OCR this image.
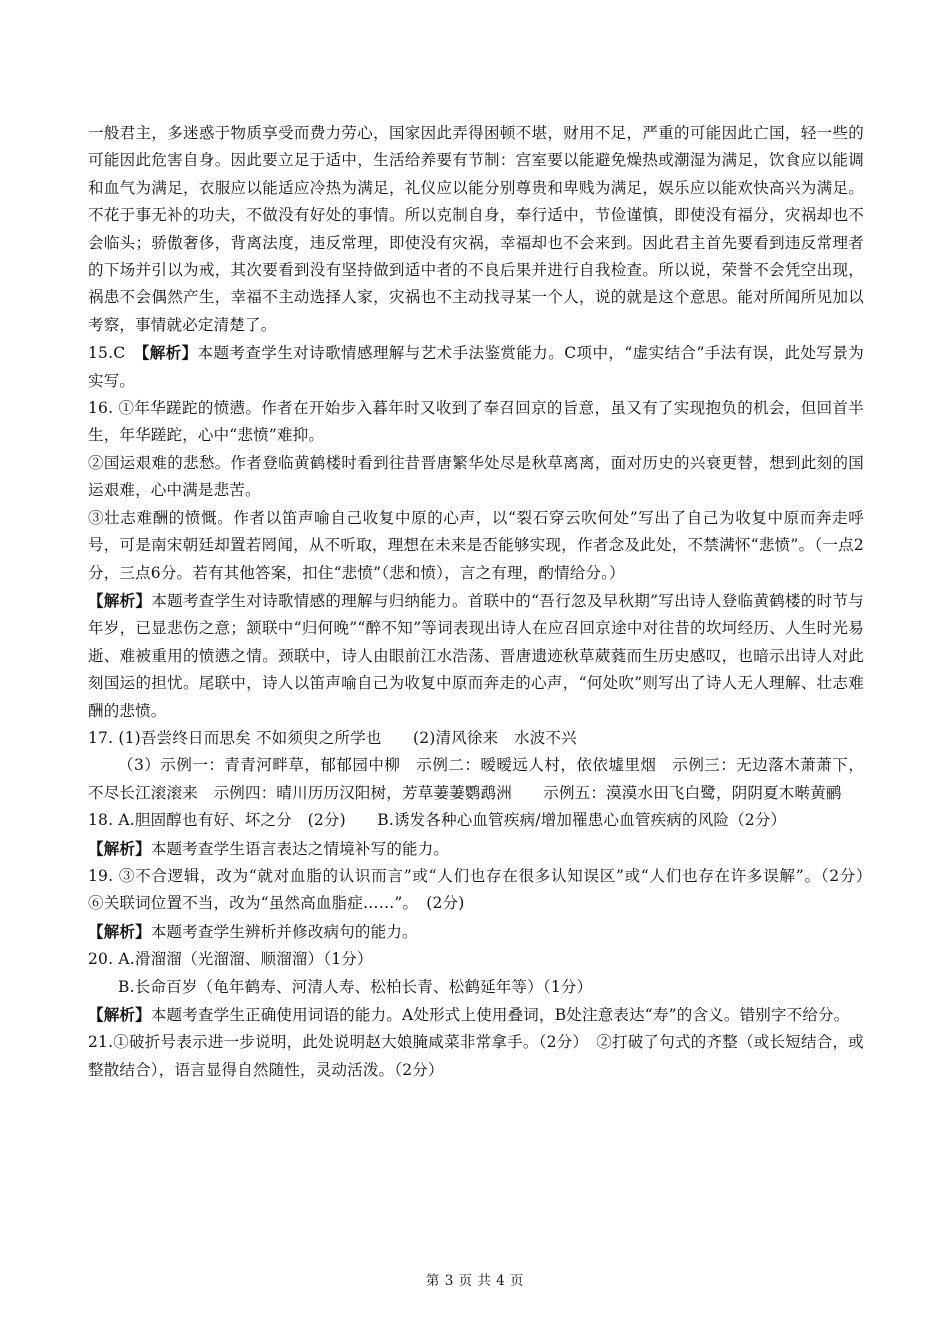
一般君主，多迷惑于物质享受而费力劳心，国家因此弄得困顿不堪，财用不足，严重的可能因此亡国，轻一些的可能因此危害自身。因此要立足于适中，生活给养要有节制：宫室要以能避免燥热或潮湿为满足，饮食应以能调和血气为满足，衣服应以能适应冷热为满足，礼仪应以能分别尊贵和卑贱为满足，娱乐应以能欢快高兴为满足。不花于事无补的功夫，不做没有好处的事情。所以克制自身，奉行适中，节俭谨慎，即使没有福分，灾祸却也不会临头；骄傲奢侈，背离法度，违反常理，即使没有灾祸，幸福却也不会来到。因此君主首先要看到违反常理者的下场并引以为戒，其次要看到没有坚持做到适中者的不良后果并进行自我检查。所以说，荣誉不会凭空出现，祸患不会偶然产生，幸福不主动选择人家，灾祸也不主动找寻某一个人，说的就是这个意思。能对所闻所见加以考察，事情就必定清楚了。

15.C　【解析】本题考查学生对诗歌情感理解与艺术手法鉴赏能力。C项中，“虚实结合”手法有误，此处写景为实写。

16. ①年华蹉跎的愤懑。作者在开始步入暮年时又收到了奉召回京的旨意，虽又有了实现抱负的机会，但回首半生，年华蹉跎，心中“悲愤”难抑。

②国运艰难的悲愁。作者登临黄鹤楼时看到往昔晋唐繁华处尽是秋草离离，面对历史的兴衰更替，想到此刻的国运艰难，心中满是悲苦。

③壮志难酬的愤慨。作者以笛声喻自己收复中原的心声，以“裂石穿云吹何处”写出了自己为收复中原而奔走呼号，可是南宋朝廷却置若罔闻，从不听取，理想在未来是否能够实现，作者念及此处，不禁满怀“悲愤”。（一点2分，三点6分。若有其他答案，扣住“悲愤”（悲和愤），言之有理，酌情给分。）

【解析】本题考查学生对诗歌情感的理解与归纳能力。首联中的“吾行忽及早秋期”写出诗人登临黄鹤楼的时节与年岁，已显悲伤之意；颔联中“归何晚”“醉不知”等词表现出诗人在应召回京途中对往昔的坎坷经历、人生时光易逝、难被重用的愤懑之情。颈联中，诗人由眼前江水浩荡、晋唐遗迹秋草葳蕤而生历史感叹，也暗示出诗人对此刻国运的担忧。尾联中，诗人以笛声喻自己为收复中原而奔走的心声，“何处吹”则写出了诗人无人理解、壮志难酬的悲愤。

17. (1)吾尝终日而思矣 不如须臾之所学也　　(2)清风徐来　水波不兴

（3）示例一：青青河畔草，郁郁园中柳　示例二：暧暧远人村，依依墟里烟　示例三：无边落木萧萧下，不尽长江滚滚来　示例四：晴川历历汉阳树，芳草萋萋鹦鹉洲　　示例五：漠漠水田飞白鹭，阴阴夏木啭黄鹂

18. A.胆固醇也有好、坏之分　(2分)　　B.诱发各种心血管疾病/增加罹患心血管疾病的风险（2分）

【解析】本题考查学生语言表达之情境补写的能力。

19. ③不合逻辑，改为“就对血脂的认识而言”或“人们也存在很多认知误区”或“人们也存在许多误解”。（2分）　⑥关联词位置不当，改为“虽然高血脂症……”。　(2分)

【解析】本题考查学生辨析并修改病句的能力。

20. A.滑溜溜（光溜溜、顺溜溜）（1分）

B.长命百岁（龟年鹤寿、河清人寿、松柏长青、松鹤延年等）（1分）

【解析】本题考查学生正确使用词语的能力。A处形式上使用叠词，B处注意表达“寿”的含义。错别字不给分。

21.①破折号表示进一步说明，此处说明赵大娘腌咸菜非常拿手。（2分）　②打破了句式的齐整（或长短结合，或整散结合），语言显得自然随性，灵动活泼。（2分）

第 3 页 共 4 页
